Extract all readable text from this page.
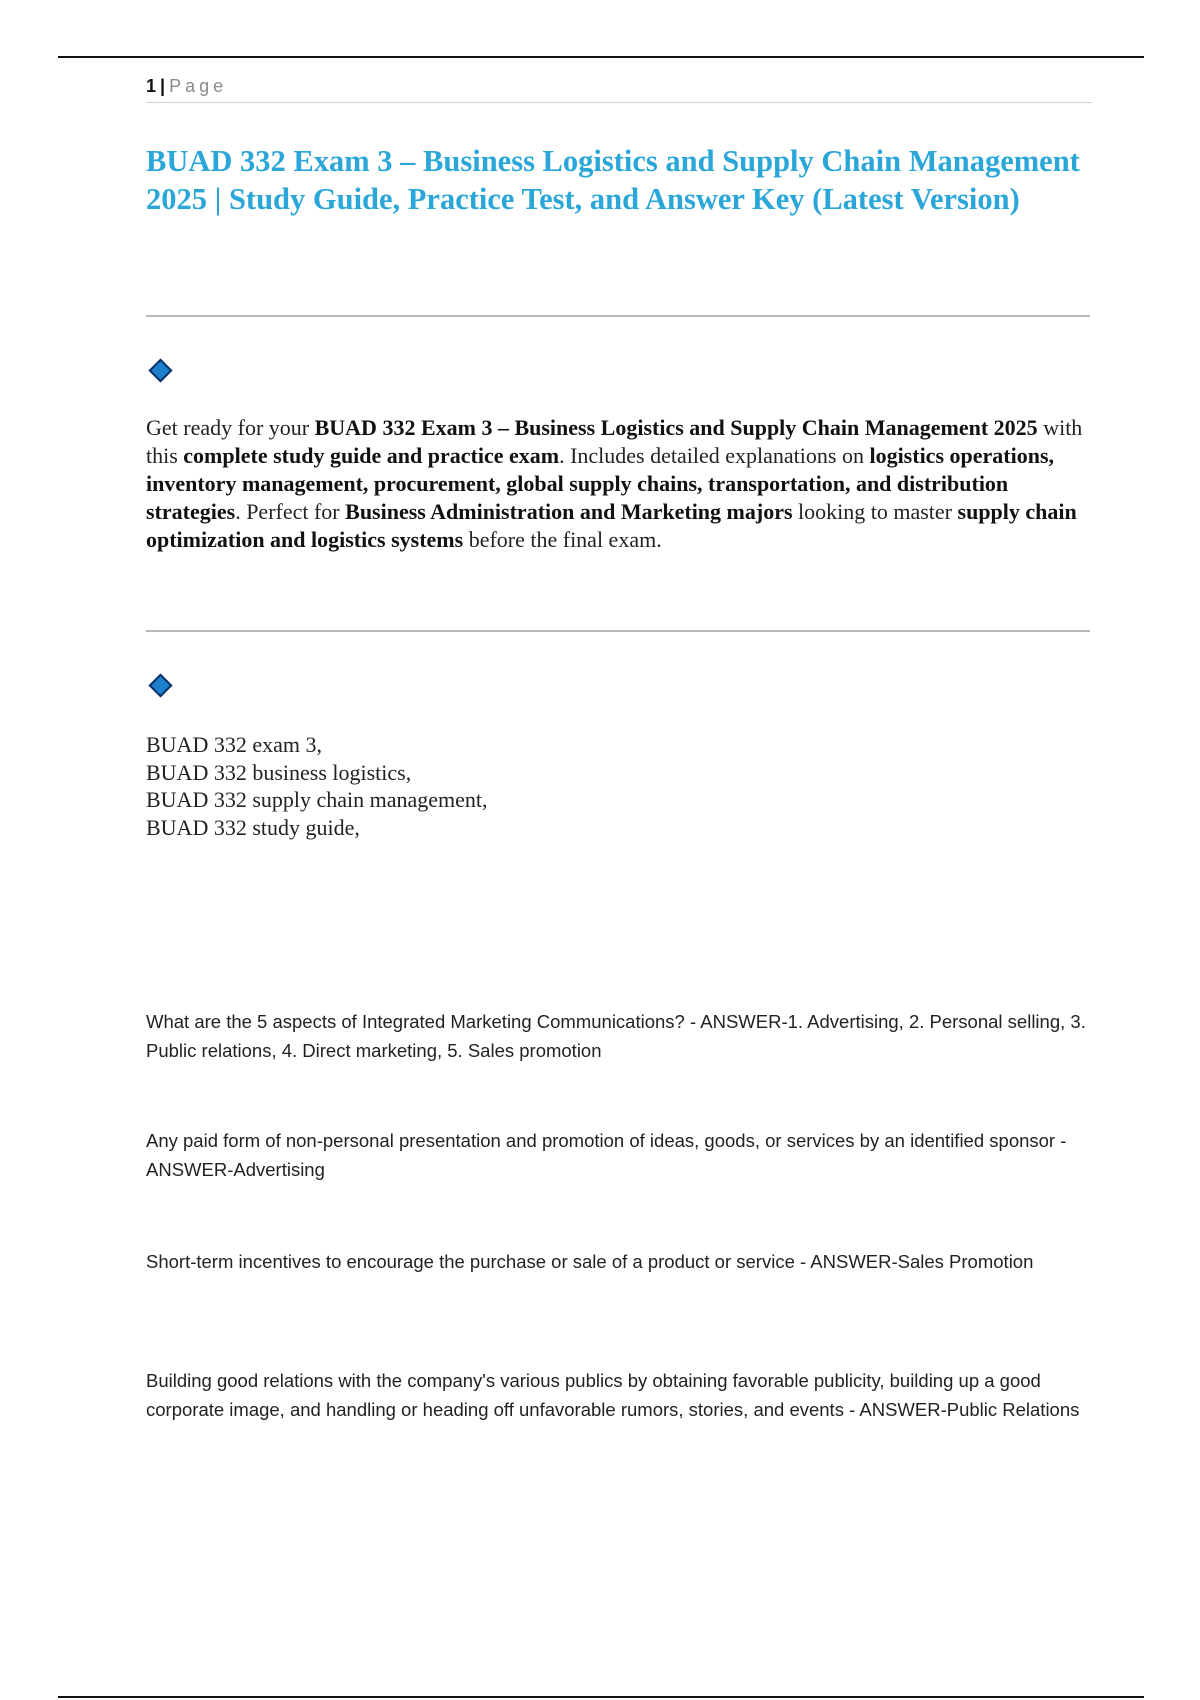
1 | Page
BUAD 332 Exam 3 – Business Logistics and Supply Chain Management 2025 | Study Guide, Practice Test, and Answer Key (Latest Version)

Get ready for your BUAD 332 Exam 3 – Business Logistics and Supply Chain Management 2025 with this complete study guide and practice exam. Includes detailed explanations on logistics operations, inventory management, procurement, global supply chains, transportation, and distribution strategies. Perfect for Business Administration and Marketing majors looking to master supply chain optimization and logistics systems before the final exam.

BUAD 332 exam 3,
BUAD 332 business logistics,
BUAD 332 supply chain management,
BUAD 332 study guide,

What are the 5 aspects of Integrated Marketing Communications? - ANSWER-1. Advertising, 2. Personal selling, 3. Public relations, 4. Direct marketing, 5. Sales promotion

Any paid form of non-personal presentation and promotion of ideas, goods, or services by an identified sponsor - ANSWER-Advertising

Short-term incentives to encourage the purchase or sale of a product or service - ANSWER-Sales Promotion

Building good relations with the company's various publics by obtaining favorable publicity, building up a good corporate image, and handling or heading off unfavorable rumors, stories, and events - ANSWER-Public Relations
